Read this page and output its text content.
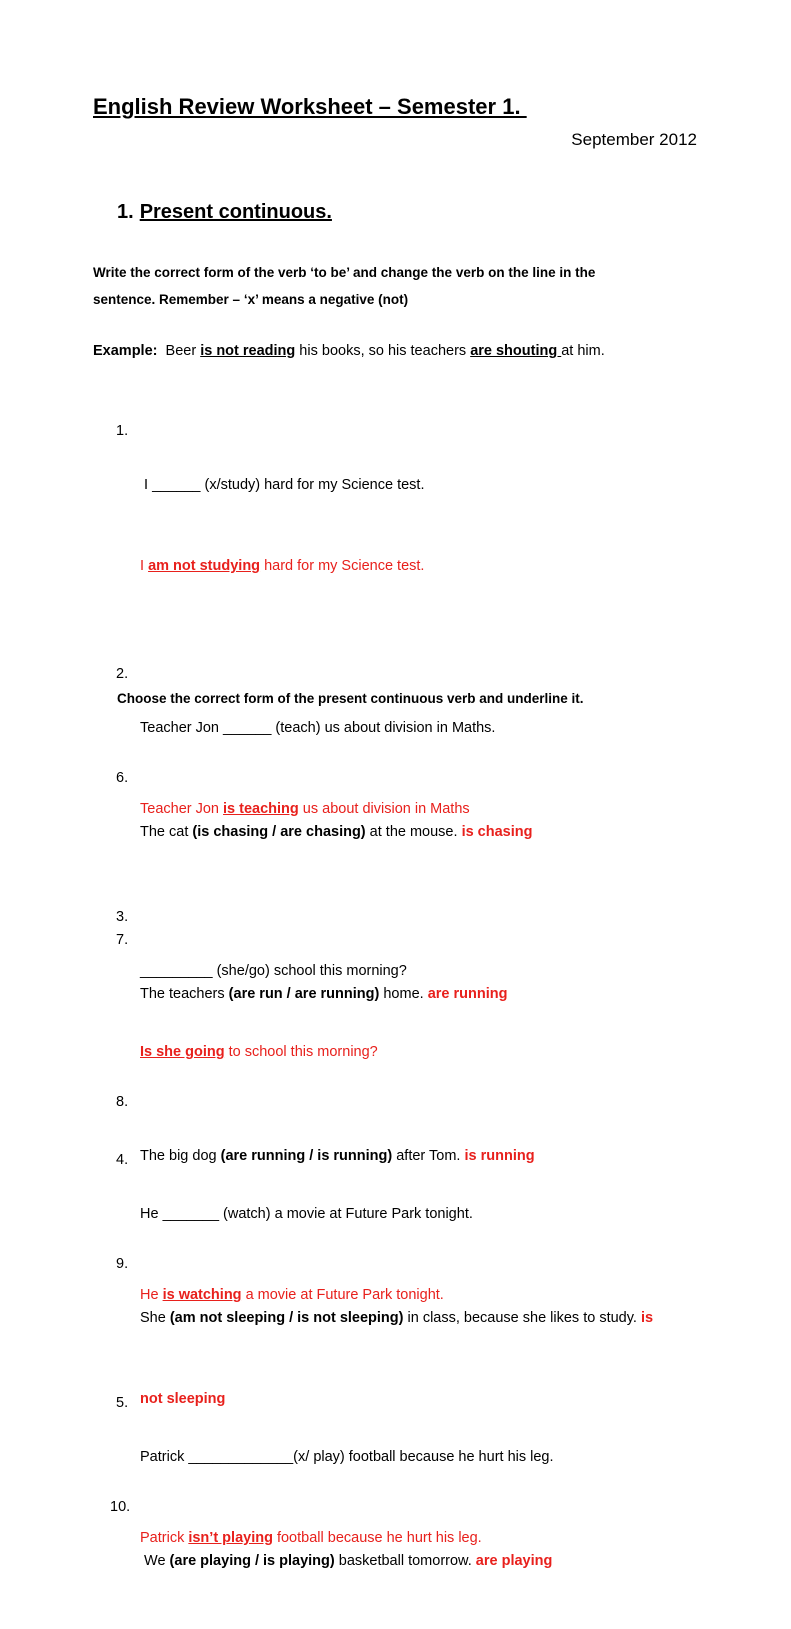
English Review Worksheet – Semester 1.

September 2012

1. Present continuous.

Write the correct form of the verb ‘to be’ and change the verb on the line in the
sentence. Remember – ‘x’ means a negative (not)

Example:  Beer is not reading his books, so his teachers are shouting at him.

1.

I ______ (x/study) hard for my Science test.

I am not studying hard for my Science test.

2.

Teacher Jon ______ (teach) us about division in Maths.

Teacher Jon is teaching us about division in Maths

3.

_________ (she/go) school this morning?

Is she going to school this morning?

4.

He _______ (watch) a movie at Future Park tonight.

He is watching a movie at Future Park tonight.

5.

Patrick _____________(x/ play) football because he hurt his leg.

Patrick isn’t playing football because he hurt his leg.

Choose the correct form of the present continuous verb and underline it.

6.

The cat (is chasing / are chasing) at the mouse. is chasing

7.

The teachers (are run / are running) home. are running

8.

The big dog (are running / is running) after Tom. is running

9.

She (am not sleeping / is not sleeping) in class, because she likes to study. is

not sleeping

10.

We (are playing / is playing) basketball tomorrow. are playing
